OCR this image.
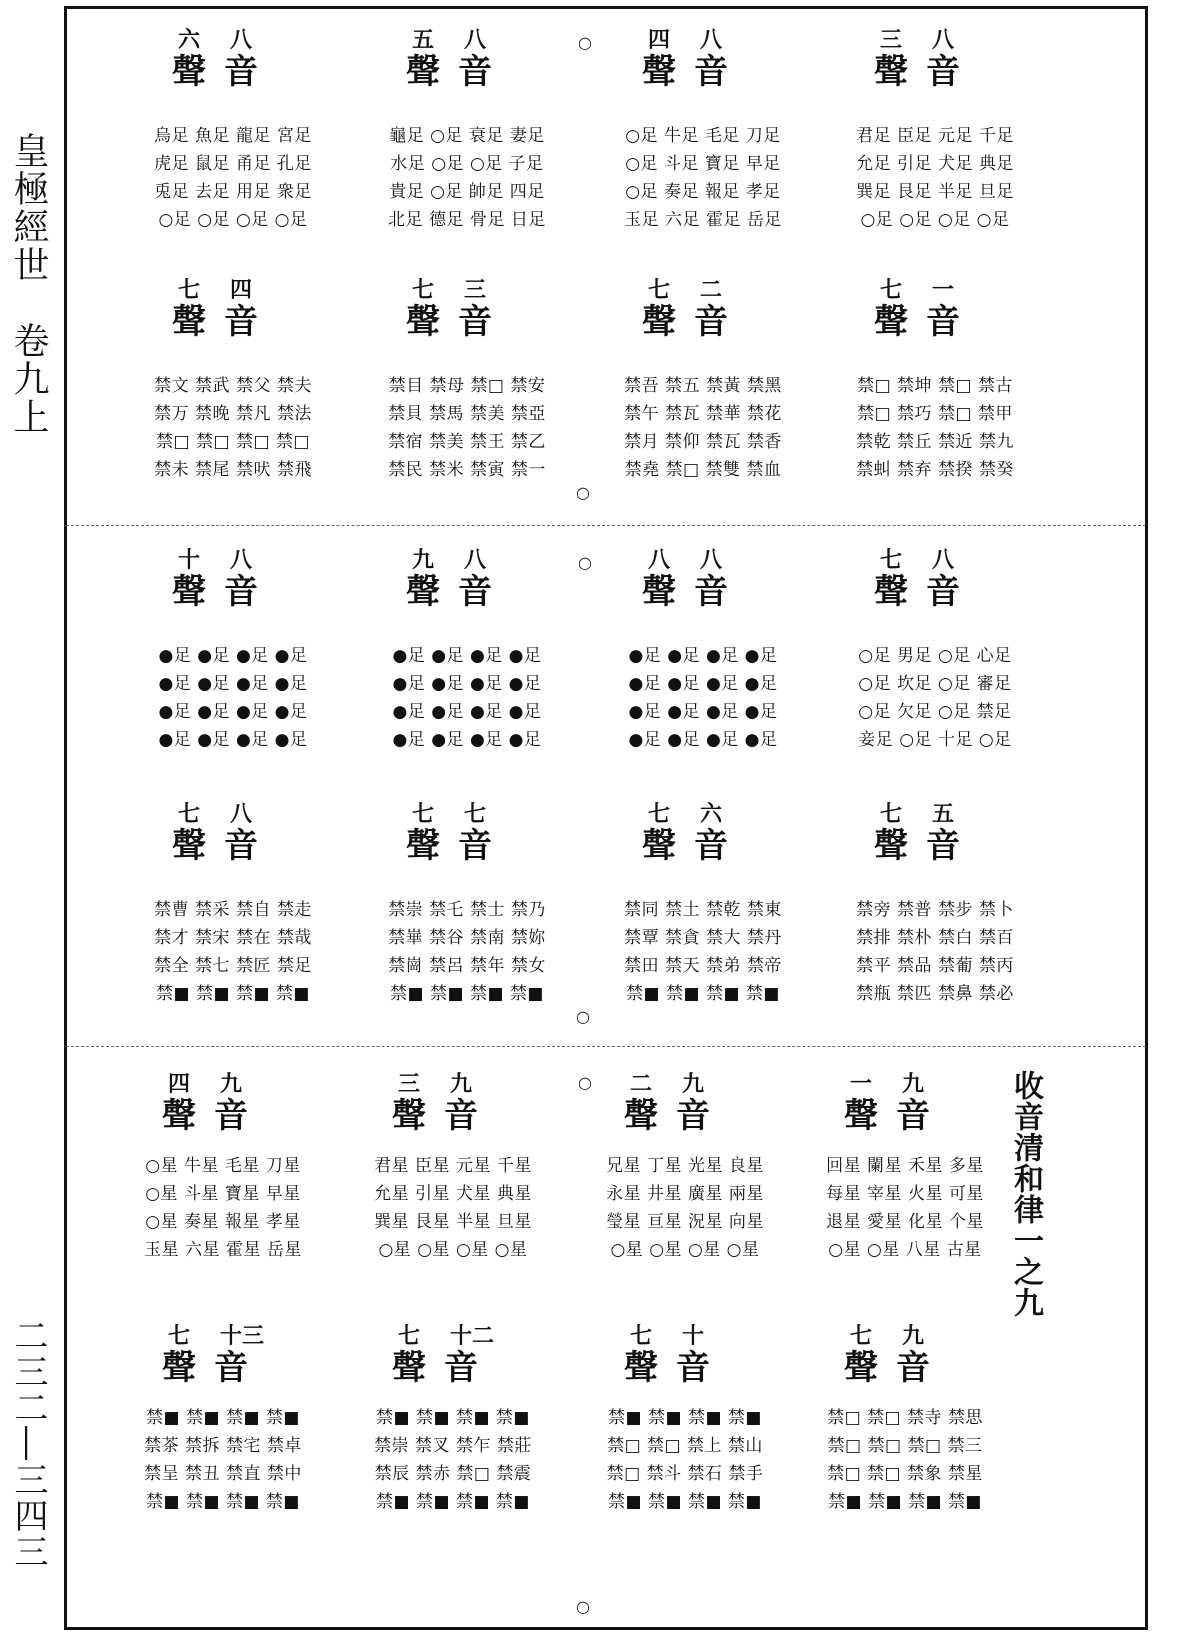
皇極經世　卷九上
二三二―三四三
○
○
○
○
○
○
收音清和律一之九
六 八
聲 音
烏足 魚足 龍足 宮足
虎足 鼠足 甬足 孔足
兎足 去足 用足 衆足
○足 ○足 ○足 ○足
五 八
聲 音
龜足 ○足 衰足 妻足
水足 ○足 ○足 子足
貴足 ○足 帥足 四足
北足 德足 骨足 日足
四 八
聲 音
○足 牛足 毛足 刀足
○足 斗足 寶足 早足
○足 奏足 報足 孝足
玉足 六足 霍足 岳足
三 八
聲 音
君足 臣足 元足 千足
允足 引足 犬足 典足
巽足 艮足 半足 旦足
○足 ○足 ○足 ○足
七 四
聲 音
禁文 禁武 禁父 禁夫
禁万 禁晚 禁凡 禁法
禁□ 禁□ 禁□ 禁□
禁未 禁尾 禁吠 禁飛
七 三
聲 音
禁目 禁母 禁□ 禁安
禁貝 禁馬 禁美 禁亞
禁宿 禁美 禁王 禁乙
禁民 禁米 禁寅 禁一
七 二
聲 音
禁吾 禁五 禁黃 禁黑
禁午 禁瓦 禁華 禁花
禁月 禁仰 禁瓦 禁香
禁堯 禁□ 禁雙 禁血
七 一
聲 音
禁□ 禁坤 禁□ 禁古
禁□ 禁巧 禁□ 禁甲
禁乾 禁丘 禁近 禁九
禁虯 禁弃 禁揆 禁癸
十 八
聲 音
●足 ●足 ●足 ●足
●足 ●足 ●足 ●足
●足 ●足 ●足 ●足
●足 ●足 ●足 ●足
九 八
聲 音
●足 ●足 ●足 ●足
●足 ●足 ●足 ●足
●足 ●足 ●足 ●足
●足 ●足 ●足 ●足
八 八
聲 音
●足 ●足 ●足 ●足
●足 ●足 ●足 ●足
●足 ●足 ●足 ●足
●足 ●足 ●足 ●足
七 八
聲 音
○足 男足 ○足 心足
○足 坎足 ○足 審足
○足 欠足 ○足 禁足
妾足 ○足 十足 ○足
七 八
聲 音
禁曹 禁采 禁自 禁走
禁才 禁宋 禁在 禁哉
禁全 禁七 禁匠 禁足
禁■ 禁■ 禁■ 禁■
七 七
聲 音
禁崇 禁乇 禁士 禁乃
禁崋 禁谷 禁南 禁妳
禁崗 禁呂 禁年 禁女
禁■ 禁■ 禁■ 禁■
七 六
聲 音
禁同 禁土 禁乾 禁東
禁覃 禁貪 禁大 禁丹
禁田 禁天 禁弟 禁帝
禁■ 禁■ 禁■ 禁■
七 五
聲 音
禁旁 禁普 禁步 禁卜
禁排 禁朴 禁白 禁百
禁平 禁品 禁葡 禁丙
禁瓶 禁匹 禁鼻 禁必
四 九
聲 音
○星 牛星 毛星 刀星
○星 斗星 寶星 早星
○星 奏星 報星 孝星
玉星 六星 霍星 岳星
三 九
聲 音
君星 臣星 元星 千星
允星 引星 犬星 典星
巽星 艮星 半星 旦星
○星 ○星 ○星 ○星
二 九
聲 音
兄星 丁星 光星 良星
永星 井星 廣星 兩星
瑩星 亘星 況星 向星
○星 ○星 ○星 ○星
一 九
聲 音
回星 闌星 禾星 多星
每星 宰星 火星 可星
退星 愛星 化星 个星
○星 ○星 八星 古星
七 十三
聲 音
禁■ 禁■ 禁■ 禁■
禁茶 禁拆 禁宅 禁卓
禁呈 禁丑 禁直 禁中
禁■ 禁■ 禁■ 禁■
七 十二
聲 音
禁■ 禁■ 禁■ 禁■
禁崇 禁叉 禁乍 禁莊
禁辰 禁赤 禁□ 禁震
禁■ 禁■ 禁■ 禁■
七 十
聲 音
禁■ 禁■ 禁■ 禁■
禁□ 禁□ 禁上 禁山
禁□ 禁斗 禁石 禁手
禁■ 禁■ 禁■ 禁■
七 九
聲 音
禁□ 禁□ 禁寺 禁思
禁□ 禁□ 禁□ 禁三
禁□ 禁□ 禁象 禁星
禁■ 禁■ 禁■ 禁■
